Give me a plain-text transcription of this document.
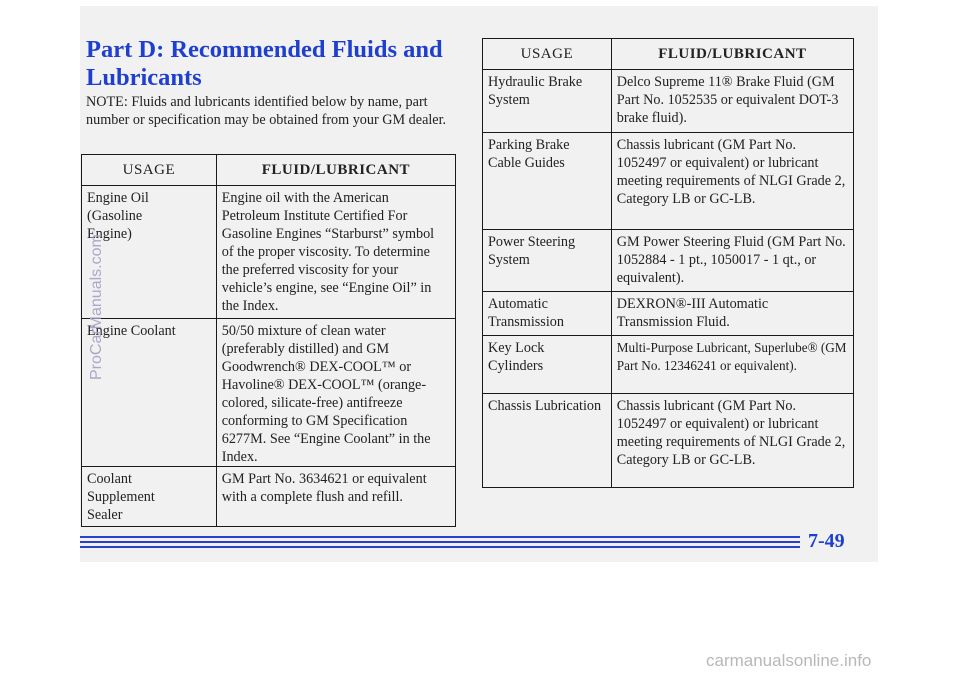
Part D: Recommended Fluids and Lubricants

NOTE: Fluids and lubricants identified below by name, part number or specification may be obtained from your GM dealer.

USAGE	FLUID/LUBRICANT
Engine Oil (Gasoline Engine)	Engine oil with the American Petroleum Institute Certified For Gasoline Engines “Starburst” symbol of the proper viscosity. To determine the preferred viscosity for your vehicle’s engine, see “Engine Oil” in the Index.
Engine Coolant	50/50 mixture of clean water (preferably distilled) and GM Goodwrench® DEX-COOL™ or Havoline® DEX-COOL™ (orange-colored, silicate-free) antifreeze conforming to GM Specification 6277M. See “Engine Coolant” in the Index.
Coolant Supplement Sealer	GM Part No. 3634621 or equivalent with a complete flush and refill.
USAGE	FLUID/LUBRICANT
Hydraulic Brake System	Delco Supreme 11® Brake Fluid (GM Part No. 1052535 or equivalent DOT-3 brake fluid).
Parking Brake Cable Guides	Chassis lubricant (GM Part No. 1052497 or equivalent) or lubricant meeting requirements of NLGI Grade 2, Category LB or GC-LB.
Power Steering System	GM Power Steering Fluid (GM Part No. 1052884 - 1 pt., 1050017 - 1 qt., or equivalent).
Automatic Transmission	DEXRON®-III Automatic Transmission Fluid.
Key Lock Cylinders	Multi-Purpose Lubricant, Superlube® (GM Part No. 12346241 or equivalent).
Chassis Lubrication	Chassis lubricant (GM Part No. 1052497 or equivalent) or lubricant meeting requirements of NLGI Grade 2, Category LB or GC-LB.
7-49
ProCarManuals.com
carmanualsonline.info
